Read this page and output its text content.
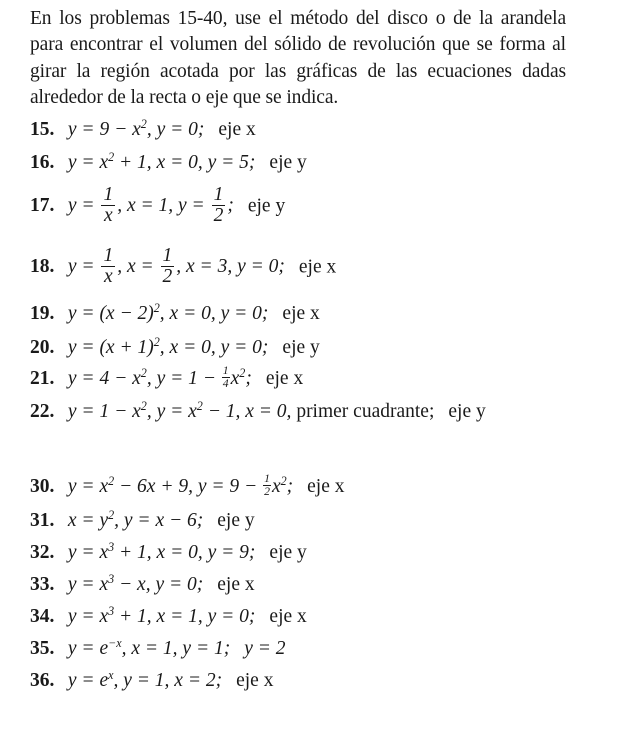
En los problemas 15-40, use el método del disco o de la arandela para encontrar el volumen del sólido de revolución que se forma al girar la región acotada por las gráficas de las ecuaciones dadas alrededor de la recta o eje que se indica.

15. $y = 9 - x^2$, y = 0; eje x
16. $y = x^2 + 1$, x = 0, y = 5; eje y
17. $y = \frac{1}{x}$ , x = 1, $y = \frac{1}{2}$ ; eje y
18. $y = \frac{1}{x}$ , $x = \frac{1}{2}$ , x = 3, y = 0; eje x
19. $y = (x - 2)^2$, x = 0, y = 0; eje x
20. $y = (x + 1)^2$, x = 0, y = 0; eje y
21. $y = 4 - x^2$, $y = 1 - \frac{1}{4} x^2$; eje x
22. $y = 1 - x^2$, $y = x^2 - 1$, x = 0, primer cuadrante; eje y
30. $y = x^2 - 6x + 9$, $y = 9 - \frac{1}{2} x^2$; eje x
31. $x = y^2$, y = x − 6; eje y
32. $y = x^3 + 1$, x = 0, y = 9; eje y
33. $y = x^3 - x$, y = 0; eje x
34. $y = x^3 + 1$, x = 1, y = 0; eje x
35. $y = e^{-x}$, x = 1, y = 1; y = 2
36. $y = e^x$, y = 1, x = 2; eje x
